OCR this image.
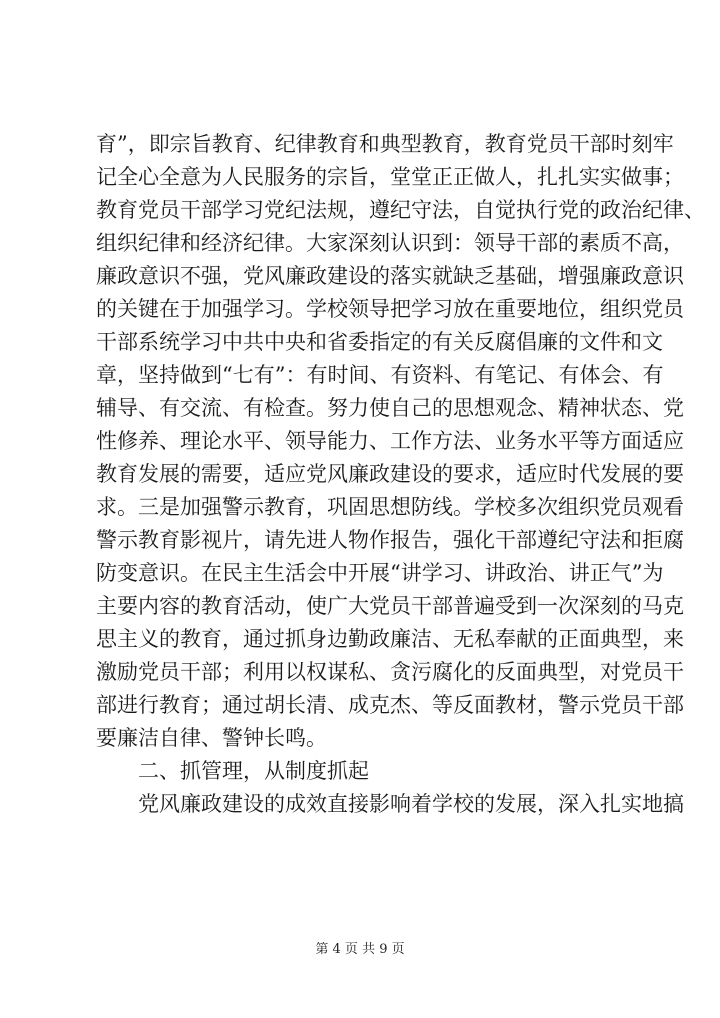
育”，即宗旨教育、纪律教育和典型教育，教育党员干部时刻牢
记全心全意为人民服务的宗旨，堂堂正正做人，扎扎实实做事；
教育党员干部学习党纪法规，遵纪守法，自觉执行党的政治纪律、
组织纪律和经济纪律。大家深刻认识到：领导干部的素质不高，
廉政意识不强，党风廉政建设的落实就缺乏基础，增强廉政意识
的关键在于加强学习。学校领导把学习放在重要地位，组织党员
干部系统学习中共中央和省委指定的有关反腐倡廉的文件和文
章，坚持做到“七有”：有时间、有资料、有笔记、有体会、有
辅导、有交流、有检查。努力使自己的思想观念、精神状态、党
性修养、理论水平、领导能力、工作方法、业务水平等方面适应
教育发展的需要，适应党风廉政建设的要求，适应时代发展的要
求。三是加强警示教育，巩固思想防线。学校多次组织党员观看
警示教育影视片，请先进人物作报告，强化干部遵纪守法和拒腐
防变意识。在民主生活会中开展“讲学习、讲政治、讲正气”为
主要内容的教育活动，使广大党员干部普遍受到一次深刻的马克
思主义的教育，通过抓身边勤政廉洁、无私奉献的正面典型，来
激励党员干部；利用以权谋私、贪污腐化的反面典型，对党员干
部进行教育；通过胡长清、成克杰、等反面教材，警示党员干部
要廉洁自律、警钟长鸣。
二、抓管理，从制度抓起
党风廉政建设的成效直接影响着学校的发展，深入扎实地搞
第 4 页 共 9 页
